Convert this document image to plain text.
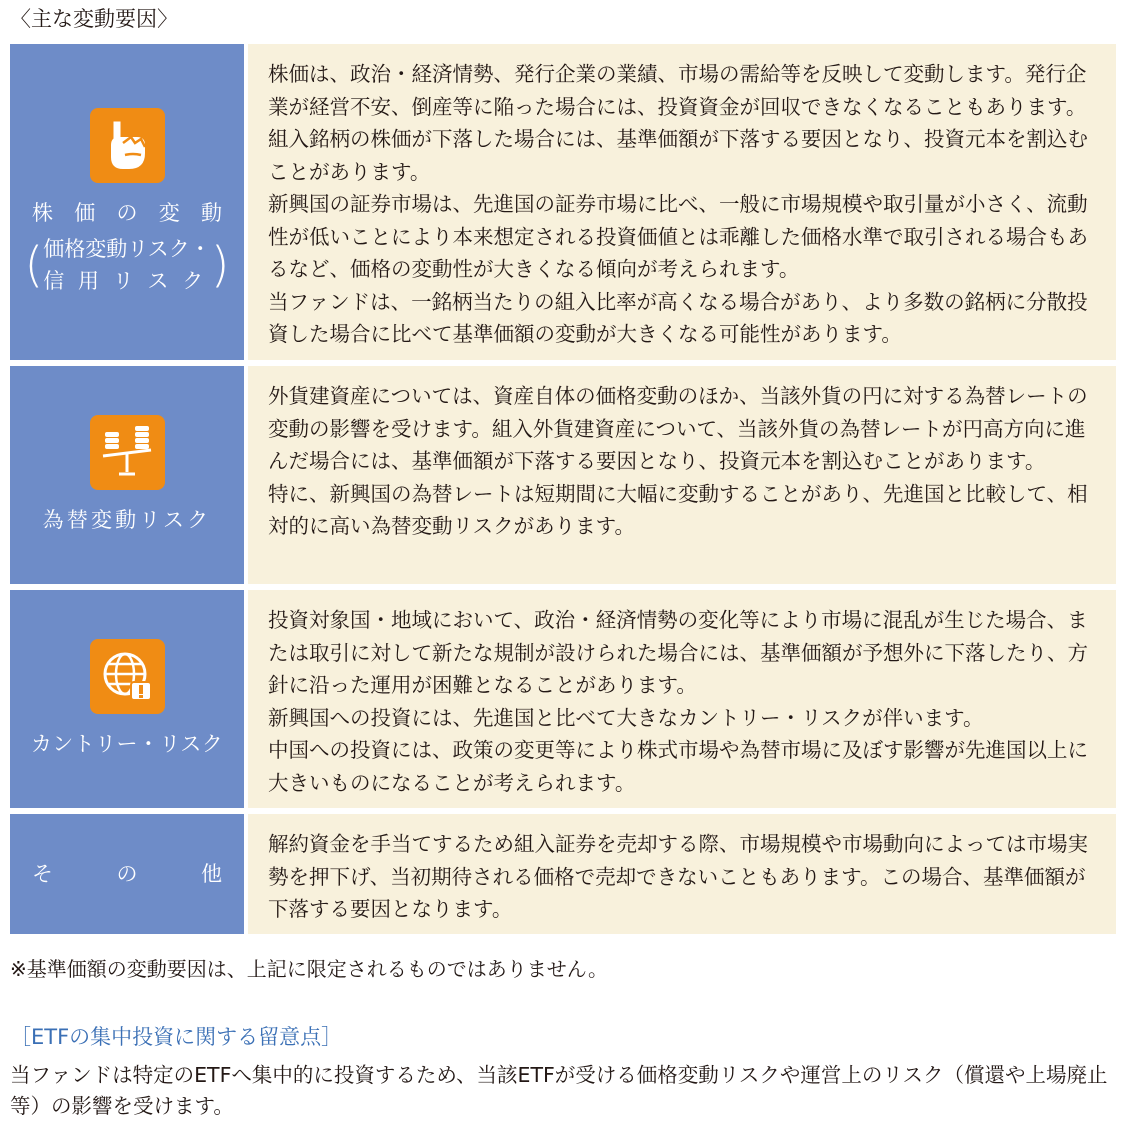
〈主な変動要因〉
株 価 の 変 動
( 価格変動リスク・
信 用 リ ス ク )

株価は、政治・経済情勢、発行企業の業績、市場の需給等を反映して変動します。発行企業が経営不安、倒産等に陥った場合には、投資資金が回収できなくなることもあります。組入銘柄の株価が下落した場合には、基準価額が下落する要因となり、投資元本を割込むことがあります。

新興国の証券市場は、先進国の証券市場に比べ、一般に市場規模や取引量が小さく、流動性が低いことにより本来想定される投資価値とは乖離した価格水準で取引される場合もあるなど、価格の変動性が大きくなる傾向が考えられます。

当ファンドは、一銘柄当たりの組入比率が高くなる場合があり、より多数の銘柄に分散投資した場合に比べて基準価額の変動が大きくなる可能性があります。

為替変動リスク

外貨建資産については、資産自体の価格変動のほか、当該外貨の円に対する為替レートの変動の影響を受けます。組入外貨建資産について、当該外貨の為替レートが円高方向に進んだ場合には、基準価額が下落する要因となり、投資元本を割込むことがあります。

特に、新興国の為替レートは短期間に大幅に変動することがあり、先進国と比較して、相対的に高い為替変動リスクがあります。

カントリー・リスク

投資対象国・地域において、政治・経済情勢の変化等により市場に混乱が生じた場合、または取引に対して新たな規制が設けられた場合には、基準価額が予想外に下落したり、方針に沿った運用が困難となることがあります。

新興国への投資には、先進国と比べて大きなカントリー・リスクが伴います。

中国への投資には、政策の変更等により株式市場や為替市場に及ぼす影響が先進国以上に大きいものになることが考えられます。

そ	の	他

解約資金を手当てするため組入証券を売却する際、市場規模や市場動向によっては市場実勢を押下げ、当初期待される価格で売却できないこともあります。この場合、基準価額が下落する要因となります。

※基準価額の変動要因は、上記に限定されるものではありません。
［ETFの集中投資に関する留意点］
当ファンドは特定のETFへ集中的に投資するため、当該ETFが受ける価格変動リスクや運営上のリスク（償還や上場廃止等）の影響を受けます。
